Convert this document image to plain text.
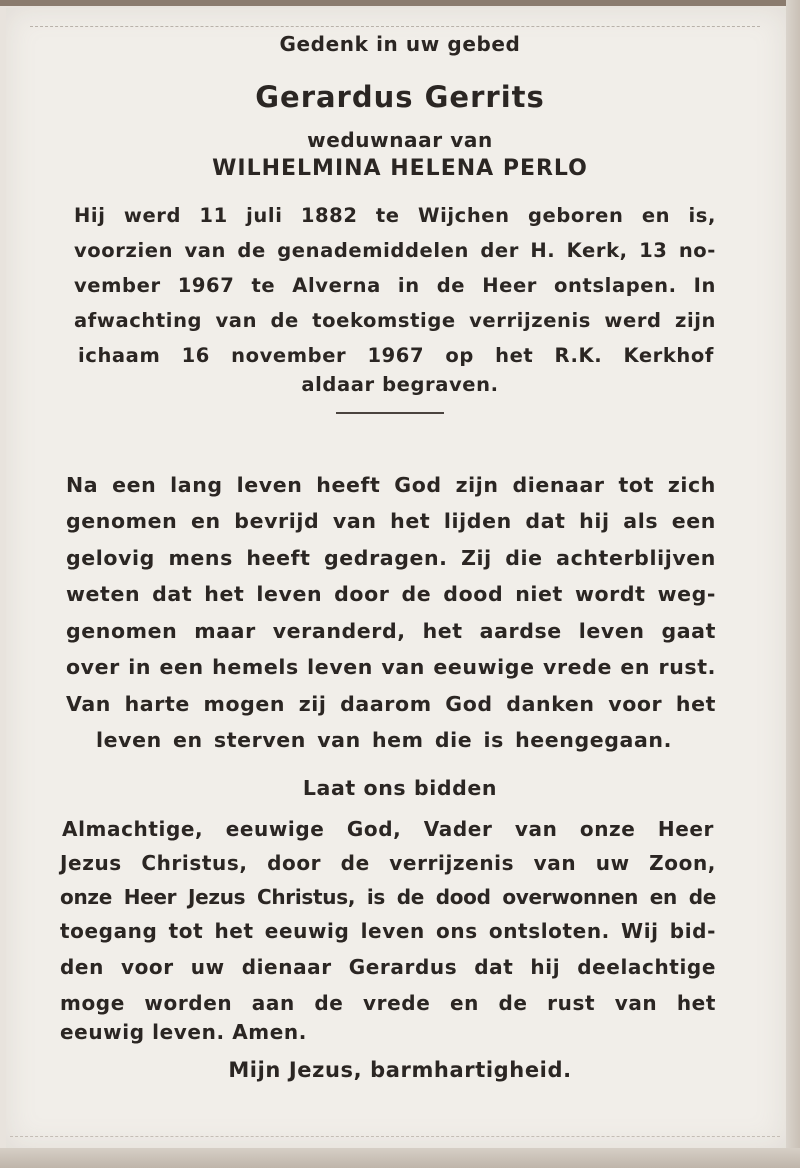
Gedenk in uw gebed
Gerardus Gerrits
weduwnaar van
WILHELMINA HELENA PERLO
Hij werd 11 juli 1882 te Wijchen geboren en is,
voorzien van de genademiddelen der H. Kerk, 13 no-
vember 1967 te Alverna in de Heer ontslapen. In
afwachting van de toekomstige verrijzenis werd zijn
ichaam 16 november 1967 op het R.K. Kerkhof
aldaar begraven.
Na een lang leven heeft God zijn dienaar tot zich
genomen en bevrijd van het lijden dat hij als een
gelovig mens heeft gedragen. Zij die achterblijven
weten dat het leven door de dood niet wordt weg-
genomen maar veranderd, het aardse leven gaat
over in een hemels leven van eeuwige vrede en rust.
Van harte mogen zij daarom God danken voor het
leven en sterven van hem die is heengegaan.
Laat ons bidden
Almachtige, eeuwige God, Vader van onze Heer
Jezus Christus, door de verrijzenis van uw Zoon,
onze Heer Jezus Christus, is de dood overwonnen en de
toegang tot het eeuwig leven ons ontsloten. Wij bid-
den voor uw dienaar Gerardus dat hij deelachtige
moge worden aan de vrede en de rust van het
eeuwig leven. Amen.
Mijn Jezus, barmhartigheid.
